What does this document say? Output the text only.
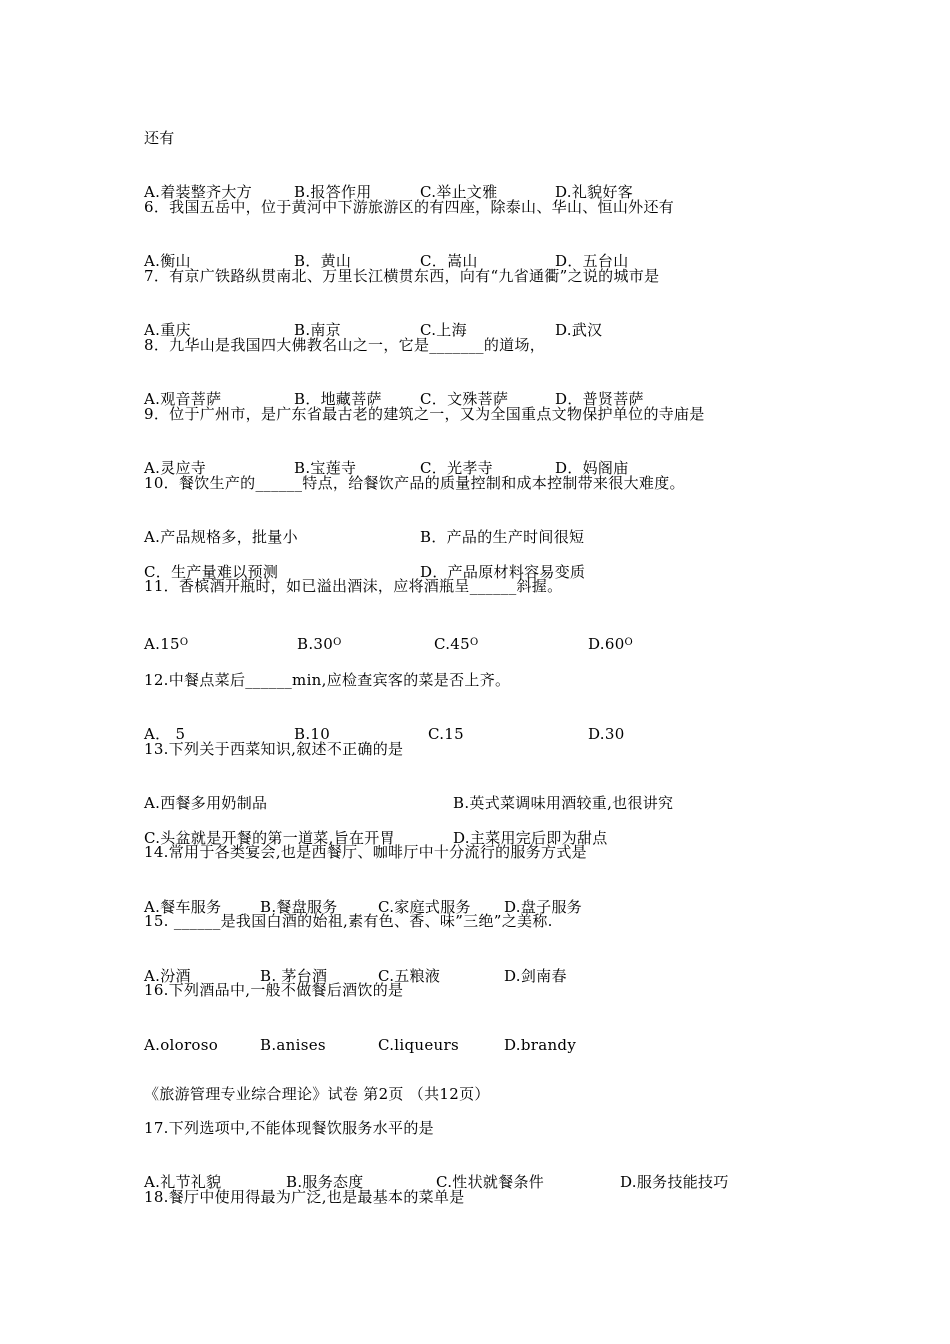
还有

A.着装整齐大方

	B.报答作用

	C.举止文雅

	D.礼貌好客

6．我国五岳中，位于黄河中下游旅游区的有四座，除泰山、华山、恒山外还有

A.衡山

	B．黄山

	C．嵩山

	D．五台山

7．有京广铁路纵贯南北、万里长江横贯东西，向有“九省通衢”之说的城市是

A.重庆

	B.南京

	C.上海

	D.武汉

8．九华山是我国四大佛教名山之一，它是_______的道场，

A.观音菩萨

	B．地藏菩萨

	C．文殊菩萨

	D．普贤菩萨

9．位于广州市，是广东省最古老的建筑之一，又为全国重点文物保护单位的寺庙是

A.灵应寺

	B.宝莲寺

	C．光孝寺

	D．妈阁庙

10．餐饮生产的______特点，给餐饮产品的质量控制和成本控制带来很大难度。

A.产品规格多，批量小

	B．产品的生产时间很短

C．生产量难以预测

	D．产品原材料容易变质

11．香槟酒开瓶时，如已溢出酒沫，应将酒瓶呈______斜握。

$A.15^O$

	$B.30^O$

	$C.45^O$

	$D.60^O$

12.中餐点菜后______min,应检查宾客的菜是否上齐。

A． 5

	B.10

	C.15

	D.30

13.下列关于西菜知识,叙述不正确的是

A.西餐多用奶制品

	B.英式菜调味用酒较重,也很讲究

C.头盆就是开餐的第一道菜,旨在开胃

	D.主菜用完后即为甜点

14.常用于各类宴会,也是西餐厅、咖啡厅中十分流行的服务方式是

A.餐车服务

	B.餐盘服务

	C.家庭式服务

D.盘子服务

15. ______是我国白酒的始祖,素有色、香、味”三绝”之美称.

A.汾酒

	B. 茅台酒

	C.五粮液

	D.剑南春

16.下列酒品中,一般不做餐后酒饮的是

A.oloroso

	B.anises

	C.liqueurs

	D.brandy

《旅游管理专业综合理论》试卷 第2页 （共12页）
17.下列选项中,不能体现餐饮服务水平的是

A.礼节礼貌

	B.服务态度

	C.性状就餐条件

	D.服务技能技巧

18.餐厅中使用得最为广泛,也是最基本的菜单是
